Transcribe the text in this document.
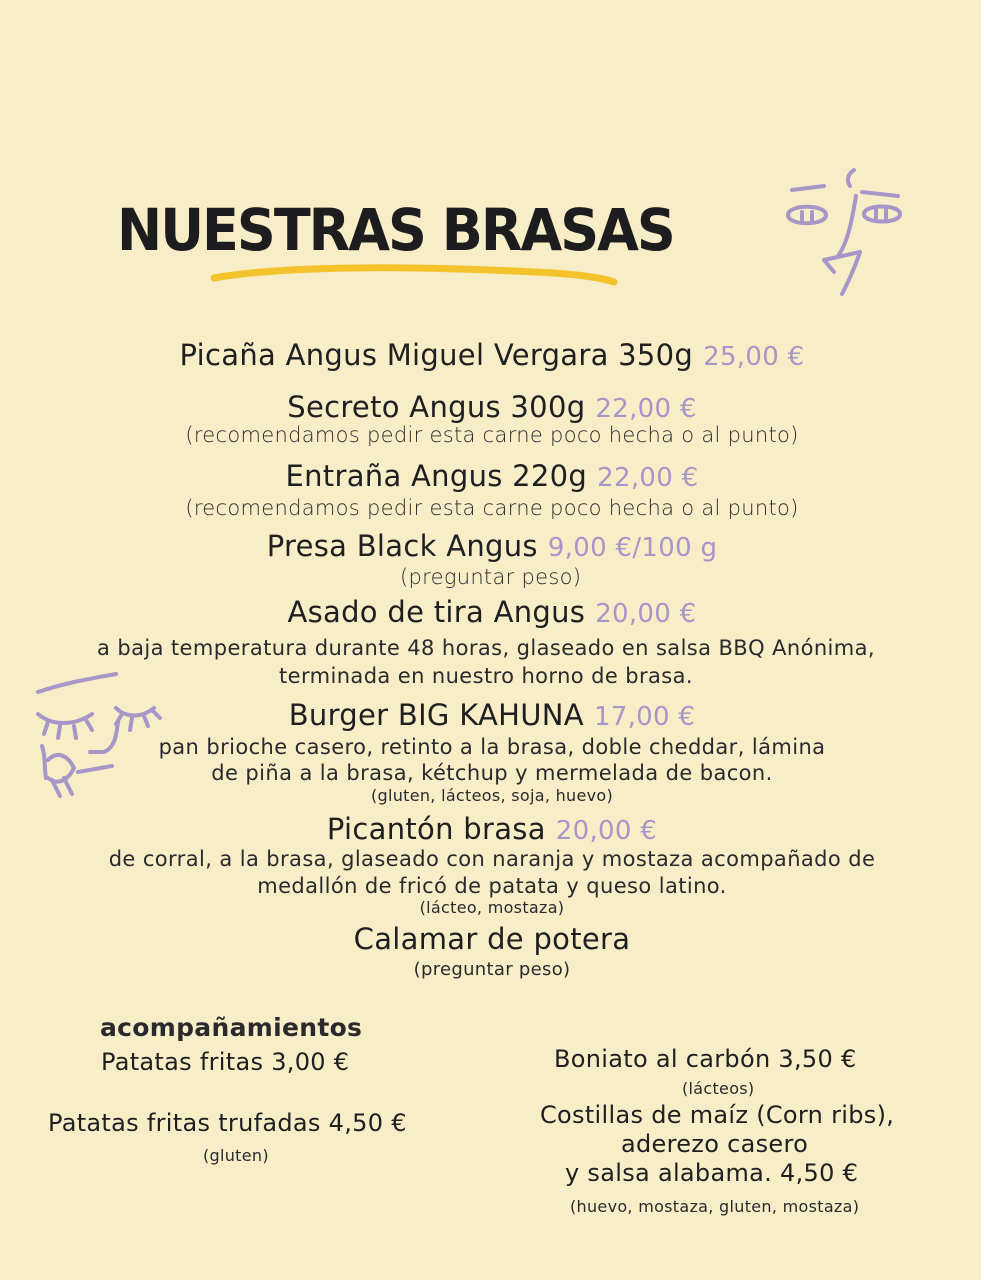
NUESTRAS BRASAS
Picaña Angus Miguel Vergara 350g 25,00 €
Secreto Angus 300g 22,00 €
(recomendamos pedir esta carne poco hecha o al punto)
Entraña Angus 220g 22,00 €
(recomendamos pedir esta carne poco hecha o al punto)
Presa Black Angus 9,00 €/100 g
(preguntar peso)
Asado de tira Angus 20,00 €
a baja temperatura durante 48 horas, glaseado en salsa BBQ Anónima,
terminada en nuestro horno de brasa.
Burger BIG KAHUNA 17,00 €
pan brioche casero, retinto a la brasa, doble cheddar, lámina
de piña a la brasa, kétchup y mermelada de bacon.
(gluten, lácteos, soja, huevo)
Picantón brasa 20,00 €
de corral, a la brasa, glaseado con naranja y mostaza acompañado de
medallón de fricó de patata y queso latino.
(lácteo, mostaza)
Calamar de potera
(preguntar peso)
acompañamientos
Patatas fritas 3,00 €
Patatas fritas trufadas 4,50 €
(gluten)
Boniato al carbón 3,50 €
(lácteos)
Costillas de maíz (Corn ribs),
aderezo casero
y salsa alabama. 4,50 €
(huevo, mostaza, gluten, mostaza)
